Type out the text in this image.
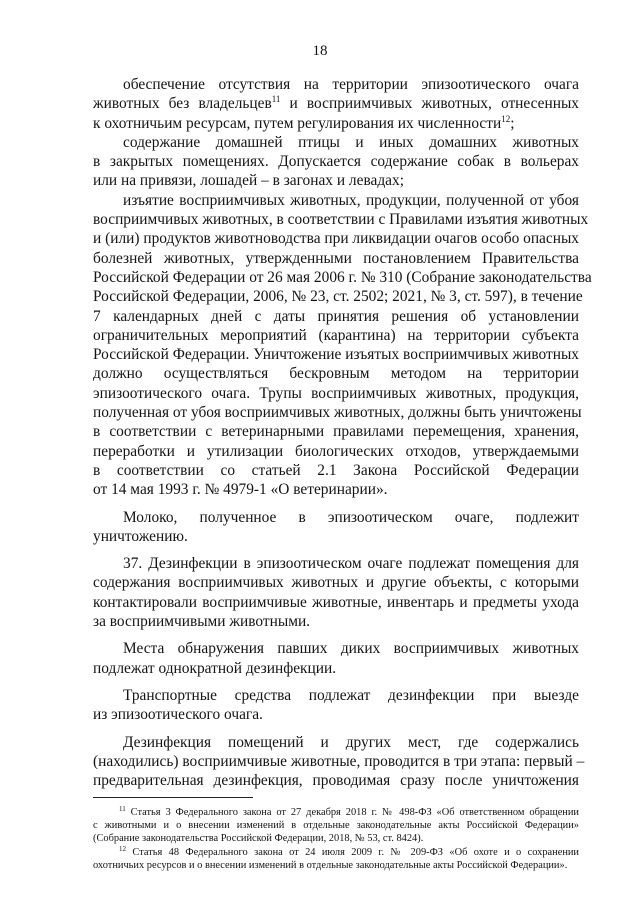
18

обеспечение отсутствия на территории эпизоотического очага
животных без владельцев$^{11}$ и восприимчивых животных, отнесенных
к охотничьим ресурсам, путем регулирования их численности$^{12}$;

содержание домашней птицы и иных домашних животных
в закрытых помещениях. Допускается содержание собак в вольерах
или на привязи, лошадей – в загонах и левадах;

изъятие восприимчивых животных, продукции, полученной от убоя
восприимчивых животных, в соответствии с Правилами изъятия животных
и (или) продуктов животноводства при ликвидации очагов особо опасных
болезней животных, утвержденными постановлением Правительства
Российской Федерации от 26 мая 2006 г. № 310 (Собрание законодательства
Российской Федерации, 2006, № 23, ст. 2502; 2021, № 3, ст. 597), в течение
7 календарных дней с даты принятия решения об установлении
ограничительных мероприятий (карантина) на территории субъекта
Российской Федерации. Уничтожение изъятых восприимчивых животных
должно осуществляться бескровным методом на территории
эпизоотического очага. Трупы восприимчивых животных, продукция,
полученная от убоя восприимчивых животных, должны быть уничтожены
в соответствии с ветеринарными правилами перемещения, хранения,
переработки и утилизации биологических отходов, утверждаемыми
в соответствии со статьей 2.1 Закона Российской Федерации
от 14 мая 1993 г. № 4979-1 «О ветеринарии».

Молоко, полученное в эпизоотическом очаге, подлежит
уничтожению.

37. Дезинфекции в эпизоотическом очаге подлежат помещения для
содержания восприимчивых животных и другие объекты, с которыми
контактировали восприимчивые животные, инвентарь и предметы ухода
за восприимчивыми животными.

Места обнаружения павших диких восприимчивых животных
подлежат однократной дезинфекции.

Транспортные средства подлежат дезинфекции при выезде
из эпизоотического очага.

Дезинфекция помещений и других мест, где содержались
(находились) восприимчивые животные, проводится в три этапа: первый –
предварительная дезинфекция, проводимая сразу после уничтожения

$^{11}$ Статья 3 Федерального закона от 27 декабря 2018 г. № 498-ФЗ «Об ответственном обращении
с животными и о внесении изменений в отдельные законодательные акты Российской Федерации»
(Собрание законодательства Российской Федерации, 2018, № 53, ст. 8424).

$^{12}$ Статья 48 Федерального закона от 24 июля 2009 г. № 209-ФЗ «Об охоте и о сохранении
охотничьих ресурсов и о внесении изменений в отдельные законодательные акты Российской Федерации».
